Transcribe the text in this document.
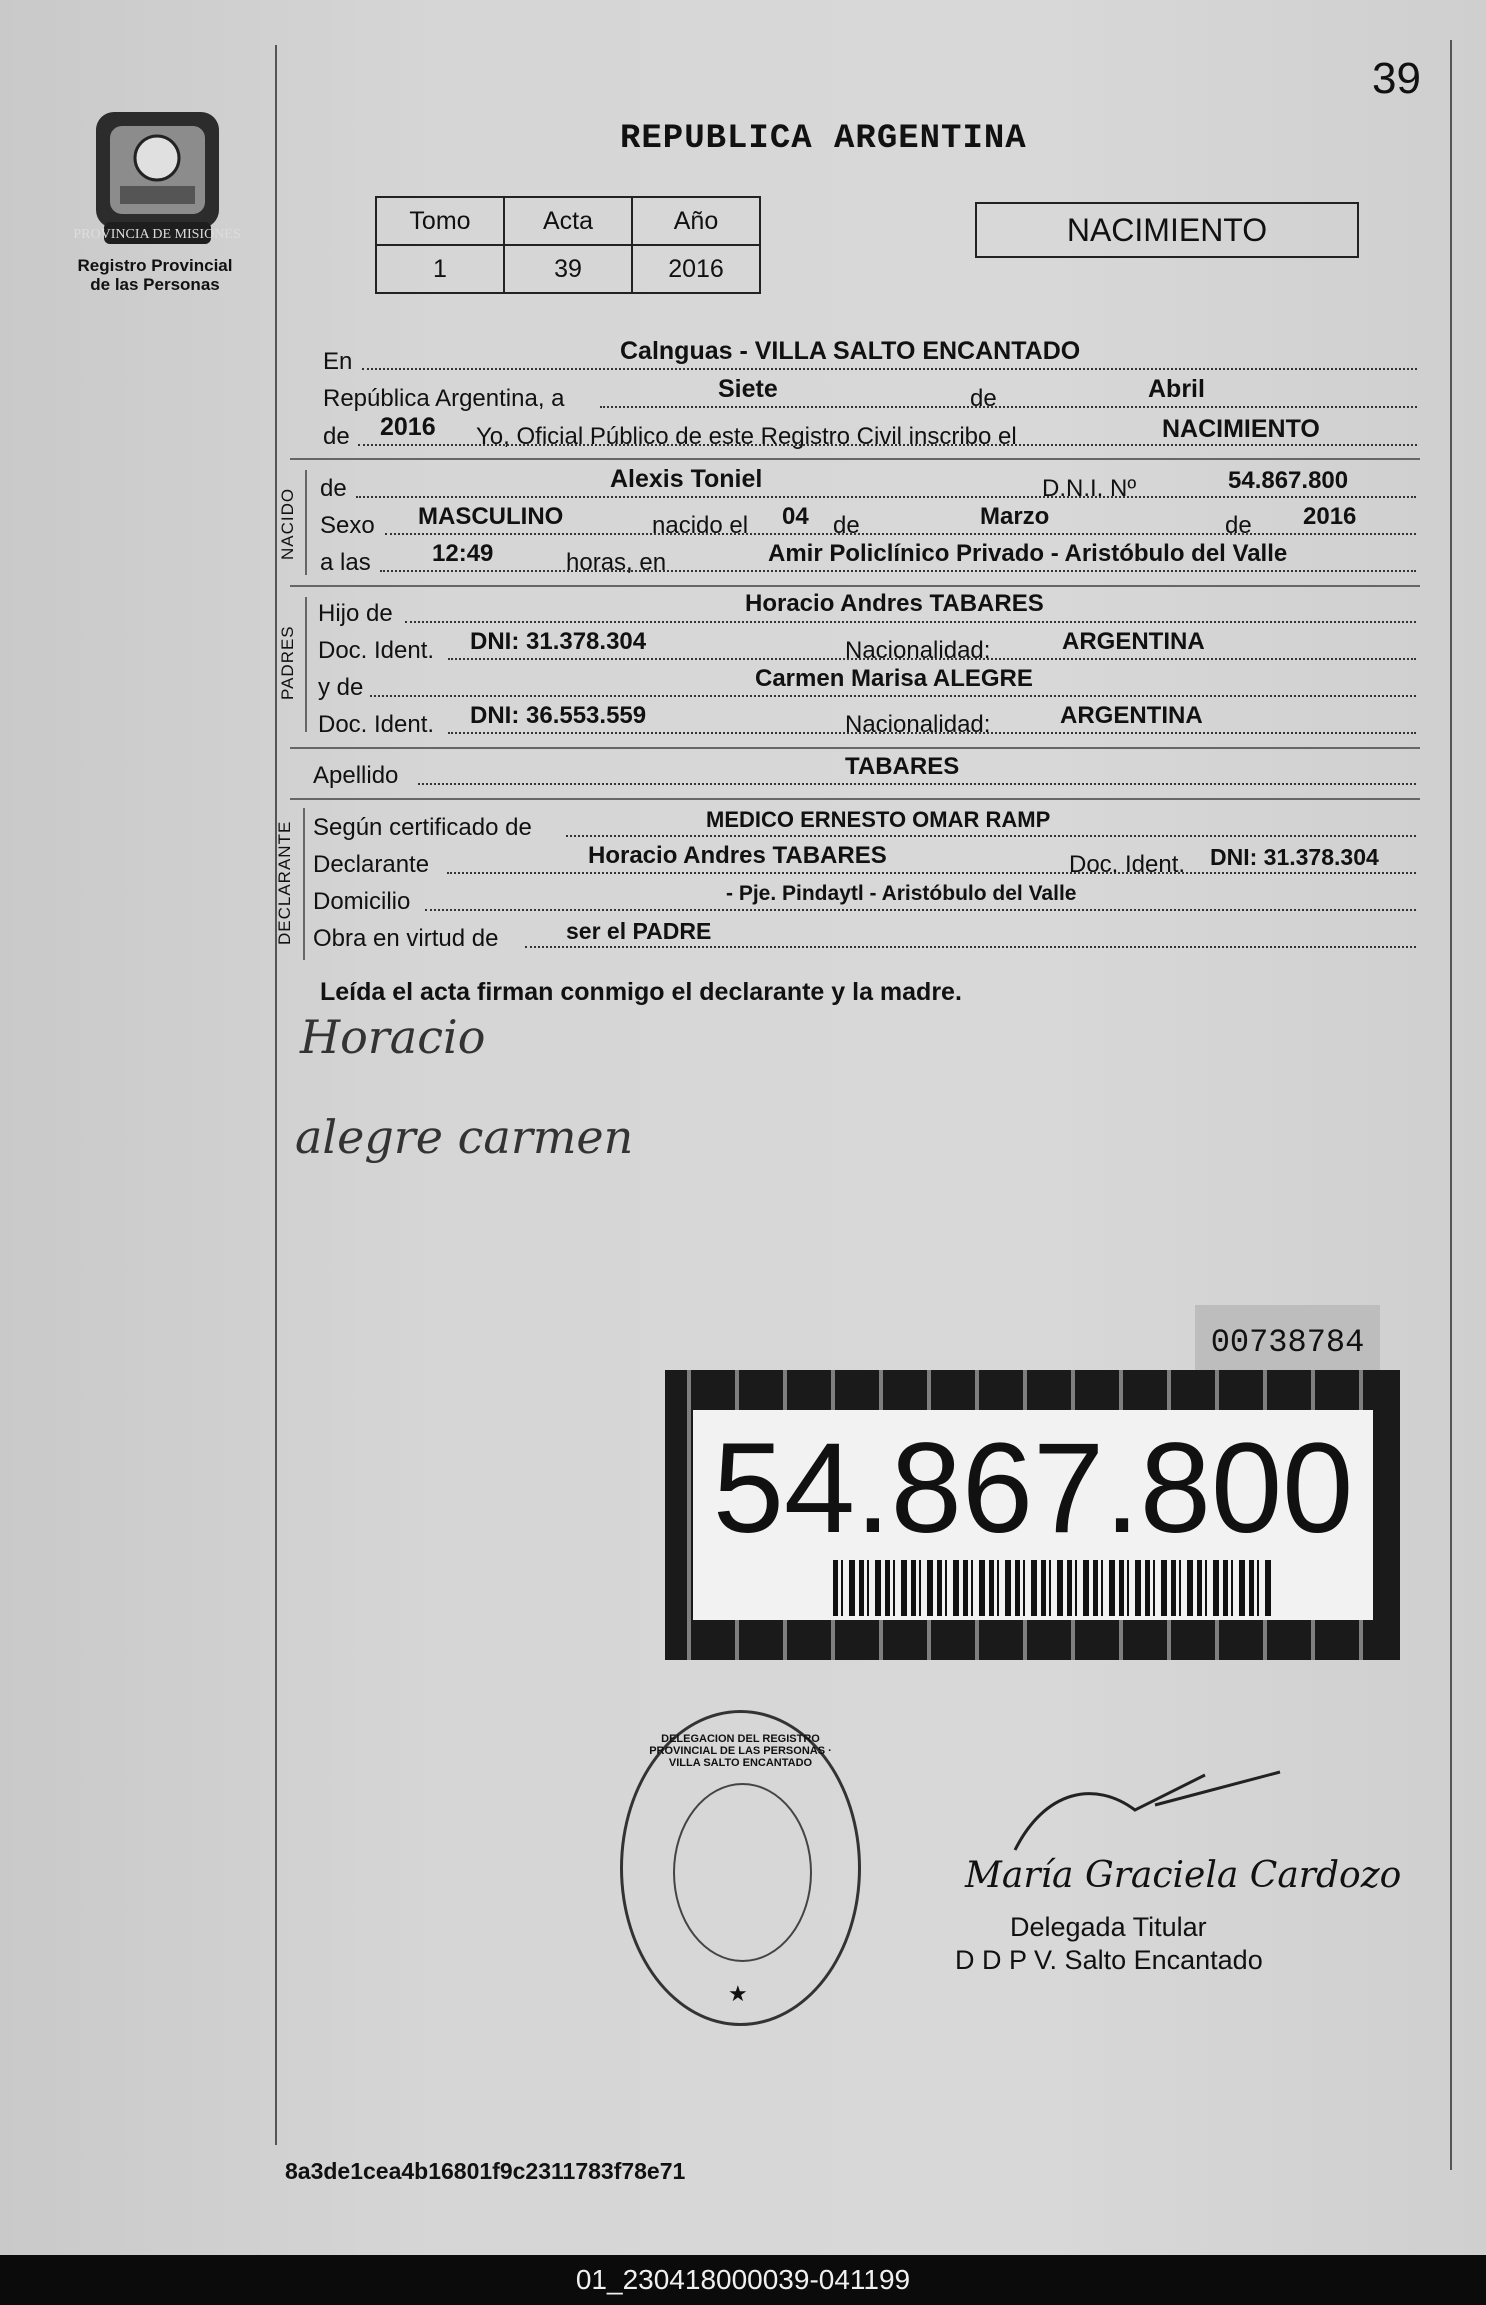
39
PROVINCIA DE MISIONES
Registro Provincial
de las Personas
REPUBLICA ARGENTINA
Tomo	Acta	Año
1	39	2016
NACIMIENTO
En	Calnguas - VILLA SALTO ENCANTADO
República Argentina, a	Siete	de	Abril
de 2016 Yo, Oficial Público de este Registro Civil inscribo el	NACIMIENTO
NACIDO de	Alexis Toniel	D.N.I. Nº	54.867.800
Sexo MASCULINO	nacido el 04 de	Marzo	de 2016
a las	12:49	horas, en	Amir Policlínico Privado - Aristóbulo del Valle
PADRES
Hijo de	Horacio Andres TABARES
Doc. Ident. DNI: 31.378.304	Nacionalidad:	ARGENTINA
y de	Carmen Marisa ALEGRE
Doc. Ident. DNI: 36.553.559	Nacionalidad:	ARGENTINA
Apellido	TABARES
DECLARANTE Según certificado de	MEDICO ERNESTO OMAR RAMP
Declarante	Horacio Andres TABARES	Doc. Ident. DNI: 31.378.304
Domicilio	- Pje. Pindaytl - Aristóbulo del Valle
Obra en virtud de	ser el PADRE
Leída el acta firman conmigo el declarante y la madre.
Horacio
alegre carmen
00738784
54.867.800
DELEGACION DEL REGISTRO PROVINCIAL DE LAS PERSONAS · VILLA SALTO ENCANTADO
★
María Graciela Cardozo
Delegada Titular
D D P V. Salto Encantado
8a3de1cea4b16801f9c2311783f78e71
01_230418000039-041199
